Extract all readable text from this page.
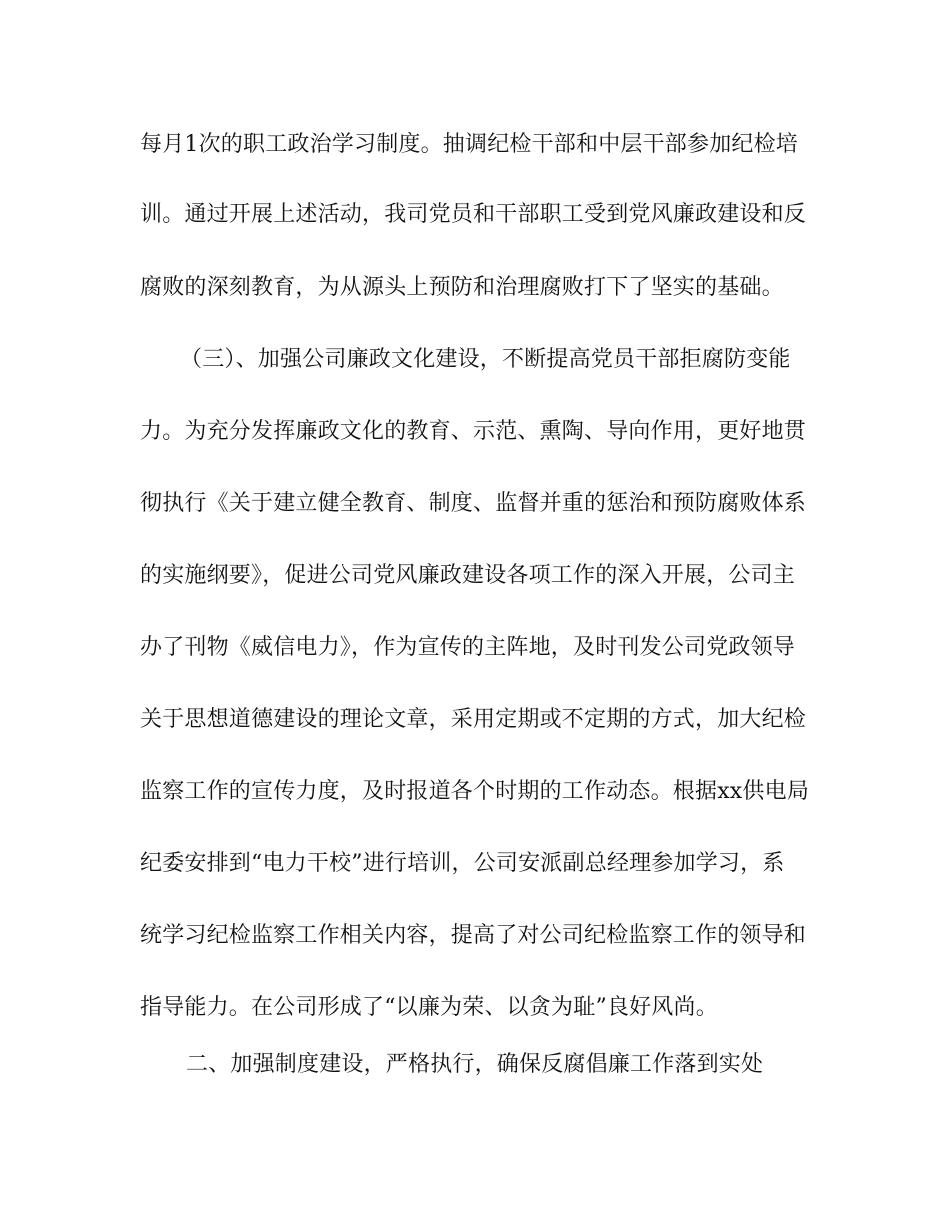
每月1次的职工政治学习制度。抽调纪检干部和中层干部参加纪检培
训。通过开展上述活动，我司党员和干部职工受到党风廉政建设和反
腐败的深刻教育，为从源头上预防和治理腐败打下了坚实的基础。
（三）、加强公司廉政文化建设，不断提高党员干部拒腐防变能
力。为充分发挥廉政文化的教育、示范、熏陶、导向作用，更好地贯
彻执行《关于建立健全教育、制度、监督并重的惩治和预防腐败体系
的实施纲要》，促进公司党风廉政建设各项工作的深入开展，公司主
办了刊物《威信电力》，作为宣传的主阵地，及时刊发公司党政领导
关于思想道德建设的理论文章，采用定期或不定期的方式，加大纪检
监察工作的宣传力度，及时报道各个时期的工作动态。根据xx供电局
纪委安排到“电力干校”进行培训，公司安派副总经理参加学习，系
统学习纪检监察工作相关内容，提高了对公司纪检监察工作的领导和
指导能力。在公司形成了“以廉为荣、以贪为耻”良好风尚。
二、加强制度建设，严格执行，确保反腐倡廉工作落到实处
